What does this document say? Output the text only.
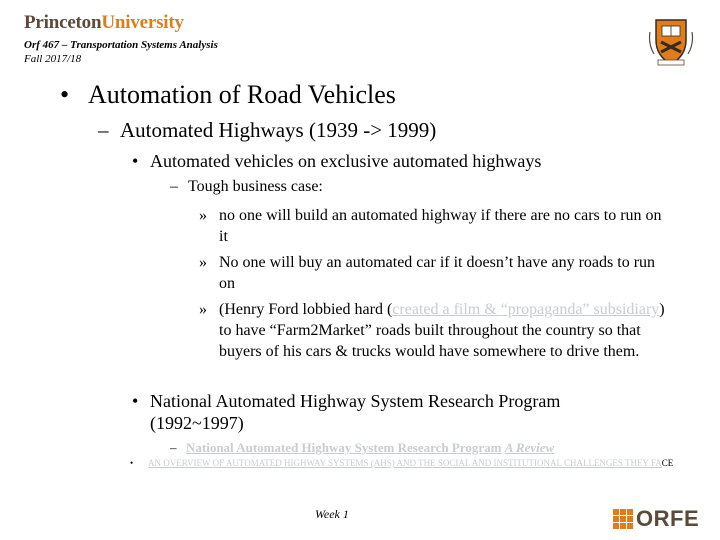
PrincetonUniversity
Orf 467 – Transportation Systems Analysis
Fall 2017/18
• Automation of Road Vehicles
– Automated Highways (1939 -> 1999)
• Automated vehicles on exclusive automated highways
– Tough business case:
» no one will build an automated highway if there are no cars to run on it
» No one will buy an automated car if it doesn’t have any roads to run on
» (Henry Ford lobbied hard (created a film & “propaganda” subsidiary) to have “Farm2Market” roads built throughout the country so that buyers of his cars & trucks would have somewhere to drive them.
• National Automated Highway System Research Program (1992~1997)
– National Automated Highway System Research Program A Review
•	AN OVERVIEW OF AUTOMATED HIGHWAY SYSTEMS (AHS) AND THE SOCIAL AND INSTITUTIONAL CHALLENGES THEY FACE
Week 1	ORFE
